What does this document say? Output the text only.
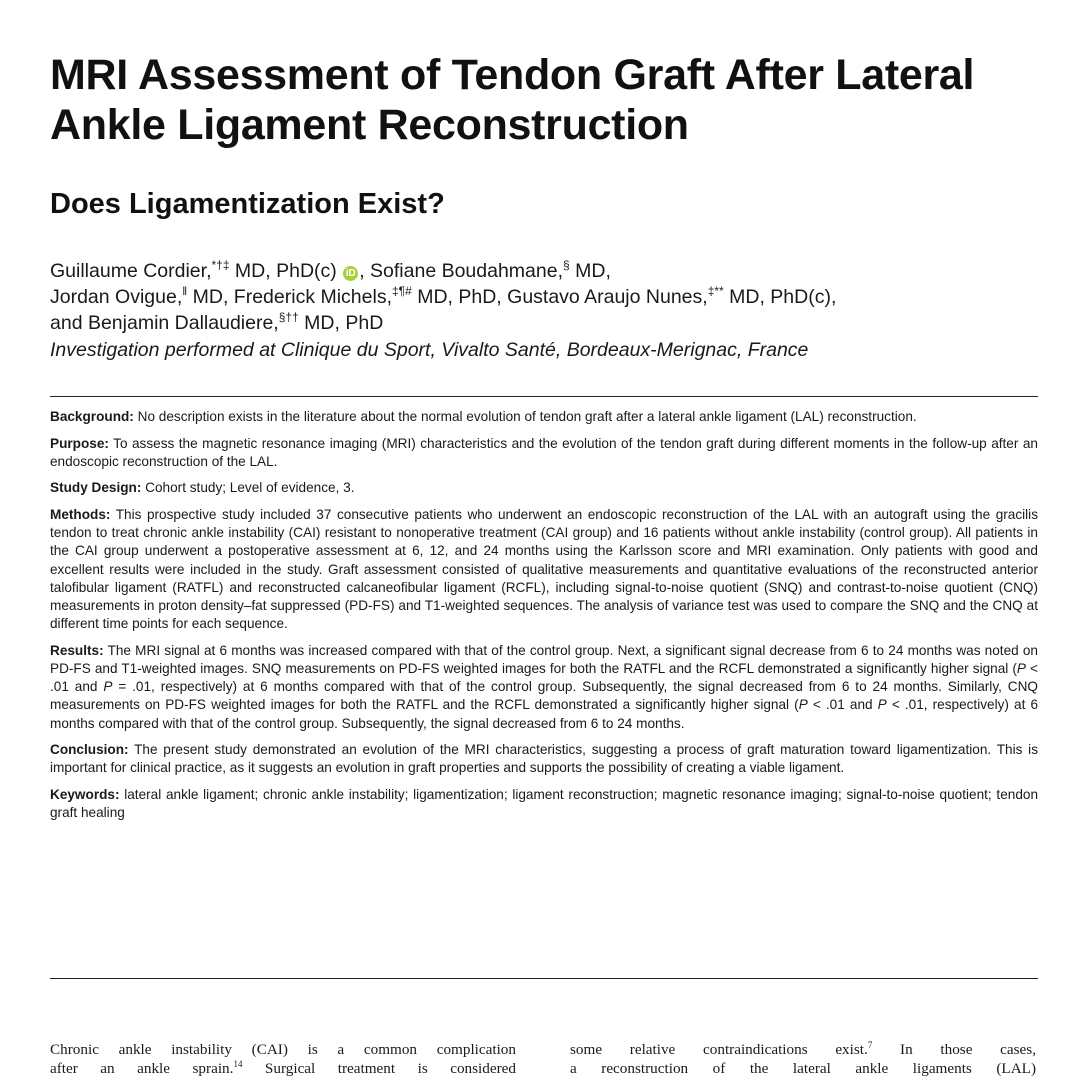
MRI Assessment of Tendon Graft After Lateral Ankle Ligament Reconstruction
Does Ligamentization Exist?
Guillaume Cordier,*†‡ MD, PhD(c) iD , Sofiane Boudahmane,§ MD,
Jordan Ovigue,‖ MD, Frederick Michels,‡¶# MD, PhD, Gustavo Araujo Nunes,‡** MD, PhD(c),
and Benjamin Dallaudiere,§†† MD, PhD
Investigation performed at Clinique du Sport, Vivalto Santé, Bordeaux-Merignac, France

Background: No description exists in the literature about the normal evolution of tendon graft after a lateral ankle ligament (LAL) reconstruction.

Purpose: To assess the magnetic resonance imaging (MRI) characteristics and the evolution of the tendon graft during different moments in the follow-up after an endoscopic reconstruction of the LAL.

Study Design: Cohort study; Level of evidence, 3.

Methods: This prospective study included 37 consecutive patients who underwent an endoscopic reconstruction of the LAL with an autograft using the gracilis tendon to treat chronic ankle instability (CAI) resistant to nonoperative treatment (CAI group) and 16 patients without ankle instability (control group). All patients in the CAI group underwent a postoperative assessment at 6, 12, and 24 months using the Karlsson score and MRI examination. Only patients with good and excellent results were included in the study. Graft assessment consisted of qualitative measurements and quantitative evaluations of the reconstructed anterior talofibular ligament (RATFL) and reconstructed calcaneofibular ligament (RCFL), including signal-to-noise quotient (SNQ) and contrast-to-noise quotient (CNQ) measurements in proton density–fat suppressed (PD-FS) and T1-weighted sequences. The analysis of variance test was used to compare the SNQ and the CNQ at different time points for each sequence.

Results: The MRI signal at 6 months was increased compared with that of the control group. Next, a significant signal decrease from 6 to 24 months was noted on PD-FS and T1-weighted images. SNQ measurements on PD-FS weighted images for both the RATFL and the RCFL demonstrated a significantly higher signal (P < .01 and P = .01, respectively) at 6 months compared with that of the control group. Subsequently, the signal decreased from 6 to 24 months. Similarly, CNQ measurements on PD-FS weighted images for both the RATFL and the RCFL demonstrated a significantly higher signal (P < .01 and P < .01, respectively) at 6 months compared with that of the control group. Subsequently, the signal decreased from 6 to 24 months.

Conclusion: The present study demonstrated an evolution of the MRI characteristics, suggesting a process of graft maturation toward ligamentization. This is important for clinical practice, as it suggests an evolution in graft properties and supports the possibility of creating a viable ligament.

Keywords: lateral ankle ligament; chronic ankle instability; ligamentization; ligament reconstruction; magnetic resonance imaging; signal-to-noise quotient; tendon graft healing

Chronic ankle instability (CAI) is a common complication
after an ankle sprain.$^{14}$ Surgical treatment is considered
some relative contraindications exist.$^7$ In those cases,
a reconstruction of the lateral ankle ligaments (LAL)
